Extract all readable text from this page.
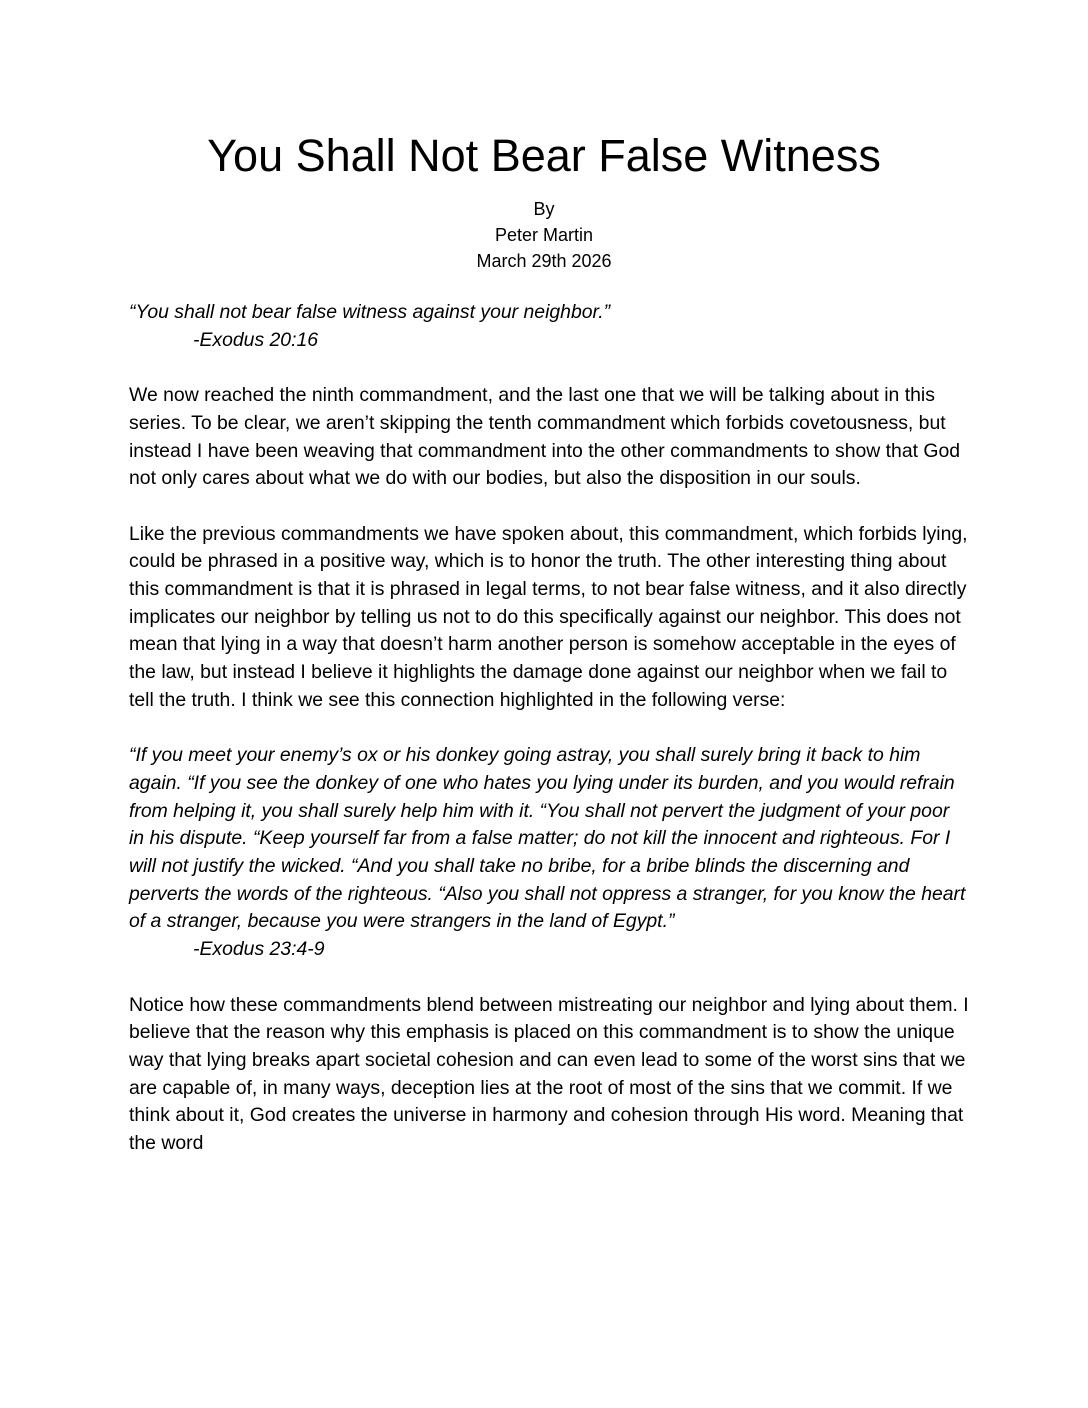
You Shall Not Bear False Witness
By
Peter Martin
March 29th 2026

“You shall not bear false witness against your neighbor.”

-Exodus 20:16

We now reached the ninth commandment, and the last one that we will be talking about in this series. To be clear, we aren’t skipping the tenth commandment which forbids covetousness, but instead I have been weaving that commandment into the other commandments to show that God not only cares about what we do with our bodies, but also the disposition in our souls.

Like the previous commandments we have spoken about, this commandment, which forbids lying, could be phrased in a positive way, which is to honor the truth. The other interesting thing about this commandment is that it is phrased in legal terms, to not bear false witness, and it also directly implicates our neighbor by telling us not to do this specifically against our neighbor. This does not mean that lying in a way that doesn’t harm another person is somehow acceptable in the eyes of the law, but instead I believe it highlights the damage done against our neighbor when we fail to tell the truth. I think we see this connection highlighted in the following verse:

“If you meet your enemy’s ox or his donkey going astray, you shall surely bring it back to him again. “If you see the donkey of one who hates you lying under its burden, and you would refrain from helping it, you shall surely help him with it. “You shall not pervert the judgment of your poor in his dispute. “Keep yourself far from a false matter; do not kill the innocent and righteous. For I will not justify the wicked. “And you shall take no bribe, for a bribe blinds the discerning and perverts the words of the righteous. “Also you shall not oppress a stranger, for you know the heart of a stranger, because you were strangers in the land of Egypt.”

-Exodus 23:4-9

Notice how these commandments blend between mistreating our neighbor and lying about them. I believe that the reason why this emphasis is placed on this commandment is to show the unique way that lying breaks apart societal cohesion and can even lead to some of the worst sins that we are capable of, in many ways, deception lies at the root of most of the sins that we commit. If we think about it, God creates the universe in harmony and cohesion through His word. Meaning that the word
